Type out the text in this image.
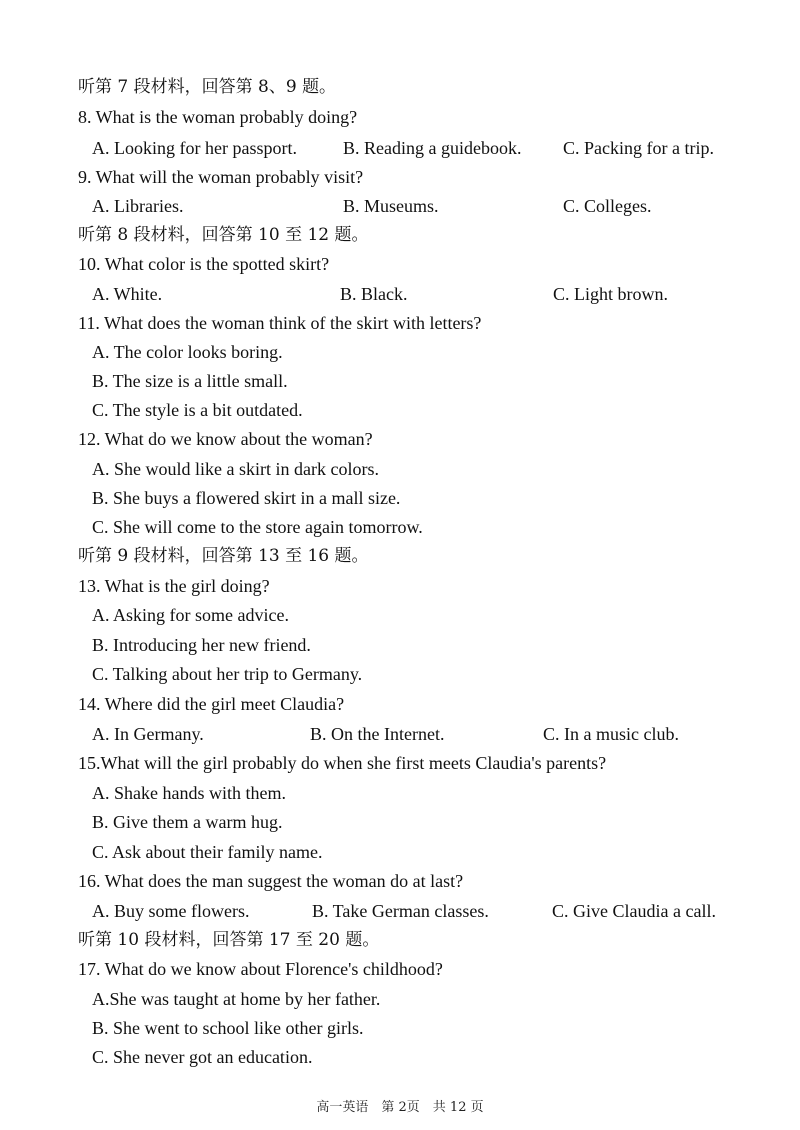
听第 7 段材料，回答第 8、9 题。
8. What is the woman probably doing?
A. Looking for her passport.	B. Reading a guidebook. C. Packing for a trip.
9. What will the woman probably visit?
A. Libraries.	B. Museums.	C. Colleges.
听第 8 段材料，回答第 10 至 12 题。
10. What color is the spotted skirt?
A. White.	B. Black.	C. Light brown.
11. What does the woman think of the skirt with letters?
A. The color looks boring.
B. The size is a little small.
C. The style is a bit outdated.
12. What do we know about the woman?
A. She would like a skirt in dark colors.
B. She buys a flowered skirt in a mall size.
C. She will come to the store again tomorrow.
听第 9 段材料，回答第 13 至 16 题。
13. What is the girl doing?
A. Asking for some advice.
B. Introducing her new friend.
C. Talking about her trip to Germany.
14. Where did the girl meet Claudia?
A. In Germany.	B. On the Internet.	C. In a music club.
15.What will the girl probably do when she first meets Claudia's parents?
A. Shake hands with them.
B. Give them a warm hug.
C. Ask about their family name.
16. What does the man suggest the woman do at last?
A. Buy some flowers.	B. Take German classes.	C. Give Claudia a call.
听第 10 段材料，回答第 17 至 20 题。
17. What do we know about Florence's childhood?
A.She was taught at home by her father.
B. She went to school like other girls.
C. She never got an education.
高一英语　第 2页　共 12 页
